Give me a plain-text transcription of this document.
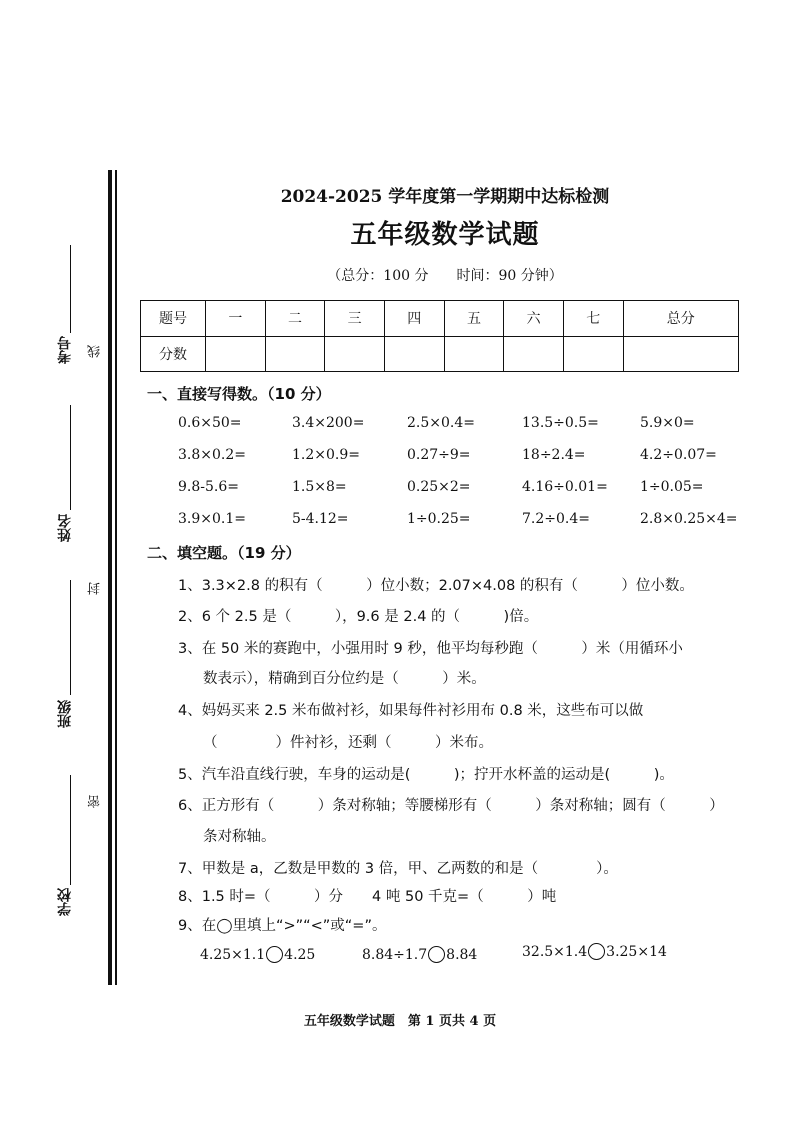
考号
姓名
班级
学校
线
封
密
2024-2025 学年度第一学期期中达标检测
五年级数学试题
（总分：100 分　　时间：90 分钟）
题号	一	二	三	四	五	六	七	总分
分数								
一、直接写得数。（10 分）
0.6×50=	3.4×200=	2.5×0.4=	13.5÷0.5=	5.9×0=
3.8×0.2=	1.2×0.9=	0.27÷9=	18÷2.4=	4.2÷0.07=
9.8-5.6=	1.5×8=	0.25×2=	4.16÷0.01= 1÷0.05=
3.9×0.1=	5-4.12=	1÷0.25=	7.2÷0.4=	2.8×0.25×4=
二、填空题。（19 分）
1、3.3×2.8 的积有（　　　）位小数；2.07×4.08 的积有（　　　）位小数。
2、6 个 2.5 是（　　　），9.6 是 2.4 的（　　　)倍。
3、在 50 米的赛跑中，小强用时 9 秒，他平均每秒跑（　　　）米（用循环小
数表示），精确到百分位约是（　　　）米。
4、妈妈买来 2.5 米布做衬衫，如果每件衬衫用布 0.8 米，这些布可以做
（　　　　）件衬衫，还剩（　　　）米布。
5、汽车沿直线行驶，车身的运动是(　　　)；拧开水杯盖的运动是(　　　)。
6、正方形有（　　　）条对称轴；等腰梯形有（　　　）条对称轴；圆有（　　　）
条对称轴。
7、甲数是 a，乙数是甲数的 3 倍，甲、乙两数的和是（　　　　）。
8、1.5 时=（　　　）分　　4 吨 50 千克=（　　　）吨
9、在◯里填上“>”“<”或“=”。
4.25×1.1 4.25	8.84÷1.7 8.84	32.5×1.4 3.25×14
五年级数学试题　第 1 页共 4 页
